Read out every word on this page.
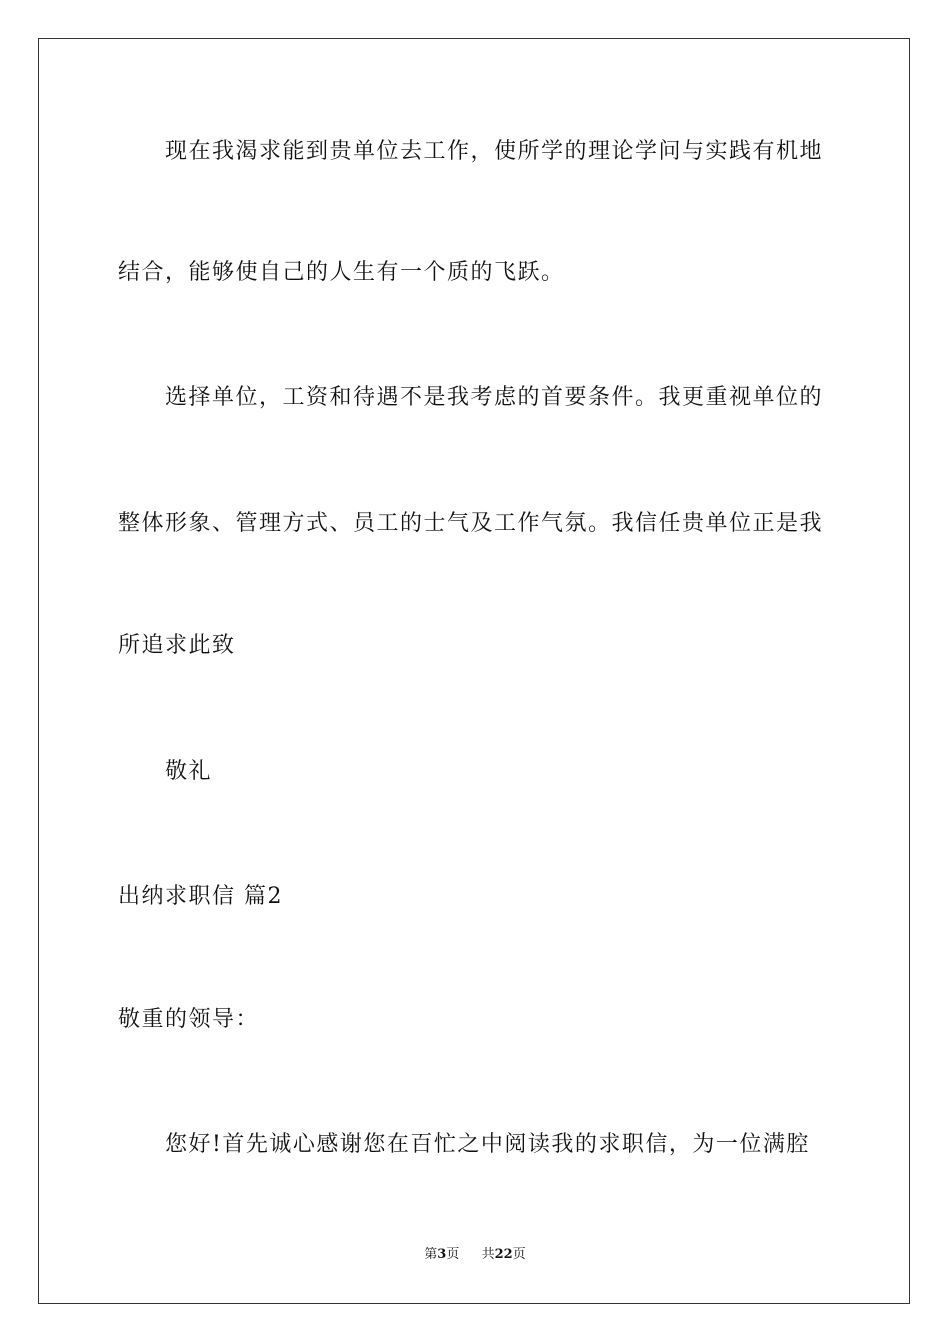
现在我渴求能到贵单位去工作，使所学的理论学问与实践有机地
结合，能够使自己的人生有一个质的飞跃。
选择单位，工资和待遇不是我考虑的首要条件。我更重视单位的
整体形象、管理方式、员工的士气及工作气氛。我信任贵单位正是我
所追求此致
敬礼
出纳求职信 篇2
敬重的领导：
您好!首先诚心感谢您在百忙之中阅读我的求职信，为一位满腔
第3页 共22页
